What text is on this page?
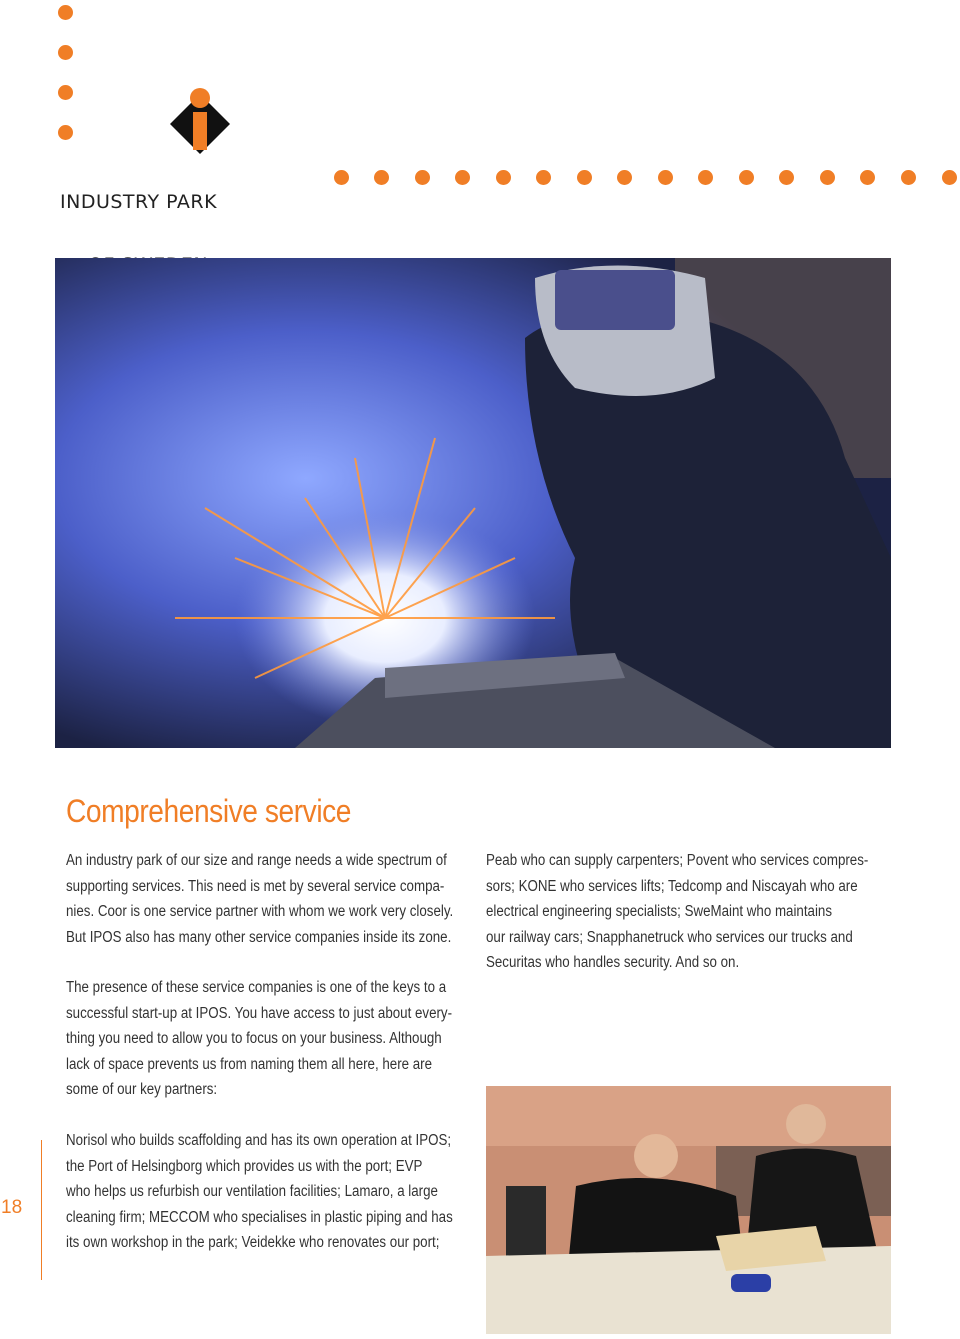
INDUSTRY PARK

Comprehensive service

An industry park of our size and range needs a wide spectrum of
supporting services. This need is met by several service compa-
nies. Coor is one service partner with whom we work very closely.
But IPOS also has many other service companies inside its zone.

The presence of these service companies is one of the keys to a
successful start-up at IPOS. You have access to just about every-
thing you need to allow you to focus on your business. Although
lack of space prevents us from naming them all here, here are
some of our key partners:

Norisol who builds scaffolding and has its own operation at IPOS;
the Port of Helsingborg which provides us with the port; EVP
who helps us refurbish our ventilation facilities; Lamaro, a large
cleaning firm; MECCOM who specialises in plastic piping and has
its own workshop in the park; Veidekke who renovates our port;

Peab who can supply carpenters; Povent who services compres-
sors; KONE who services lifts; Tedcomp and Niscayah who are
electrical engineering specialists; SweMaint who maintains
our railway cars; Snapphanetruck who services our trucks and
Securitas who handles security. And so on.

18
